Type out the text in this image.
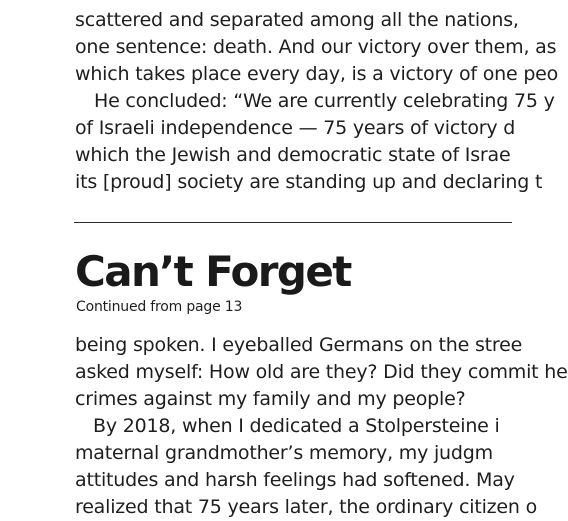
scattered and separated among all the nations,
one sentence: death. And our victory over them, as
which takes place every day, is a victory of one peo
He concluded: “We are currently celebrating 75 y
of Israeli independence — 75 years of victory d
which the Jewish and democratic state of Israe
its [proud] society are standing up and declaring t
Can’t Forget
Continued from page 13
being spoken. I eyeballed Germans on the stree
asked myself: How old are they? Did they commit he
crimes against my family and my people?
By 2018, when I dedicated a Stolpersteine i
maternal grandmother’s memory, my judgm
attitudes and harsh feelings had softened. May
realized that 75 years later, the ordinary citizen o
